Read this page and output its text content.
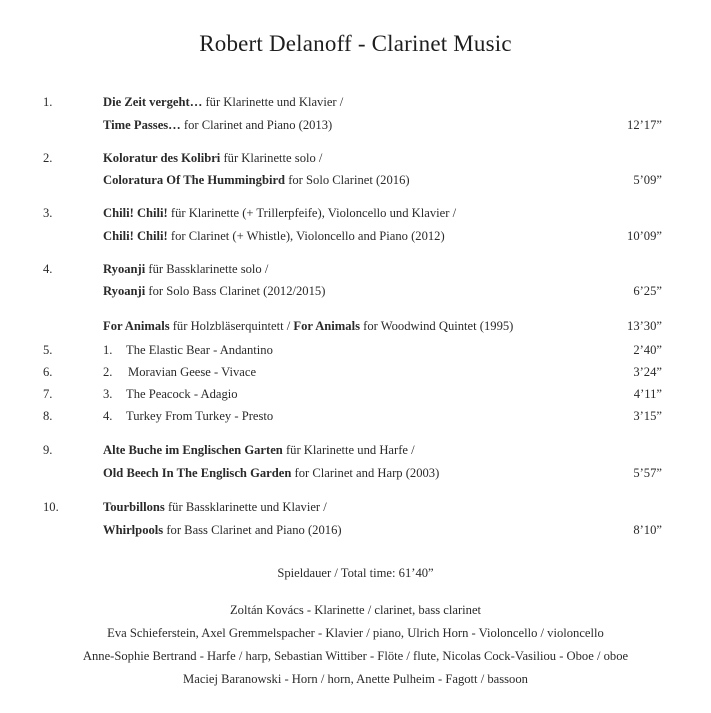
Robert Delanoff - Clarinet Music
1.	Die Zeit vergeht… für Klarinette und Klavier /
Time Passes… for Clarinet and Piano (2013)	12’17”
2.	Koloratur des Kolibri für Klarinette solo /
Coloratura Of The Hummingbird for Solo Clarinet (2016)	5’09”
3.	Chili! Chili! für Klarinette (+ Trillerpfeife), Violoncello und Klavier /
Chili! Chili! for Clarinet (+ Whistle), Violoncello and Piano (2012)	10’09”
4.	Ryoanji für Bassklarinette solo /
Ryoanji for Solo Bass Clarinet (2012/2015)	6’25”
For Animals für Holzbläserquintett / For Animals for Woodwind Quintet (1995)	13’30”
5.	1. The Elastic Bear - Andantino	2’40”
6.	2. Moravian Geese - Vivace	3’24”
7.	3. The Peacock - Adagio	4’11”
8.	4. Turkey From Turkey - Presto	3’15”
9.	Alte Buche im Englischen Garten für Klarinette und Harfe /
Old Beech In The Englisch Garden for Clarinet and Harp (2003)	5’57”
10.	Tourbillons für Bassklarinette und Klavier /
Whirlpools for Bass Clarinet and Piano (2016)	8’10”
Spieldauer / Total time: 61’40”
Zoltán Kovács - Klarinette / clarinet, bass clarinet
Eva Schieferstein, Axel Gremmelspacher - Klavier / piano, Ulrich Horn - Violoncello / violoncello
Anne-Sophie Bertrand - Harfe / harp, Sebastian Wittiber - Flöte / flute, Nicolas Cock-Vasiliou - Oboe / oboe
Maciej Baranowski - Horn / horn, Anette Pulheim - Fagott / bassoon
